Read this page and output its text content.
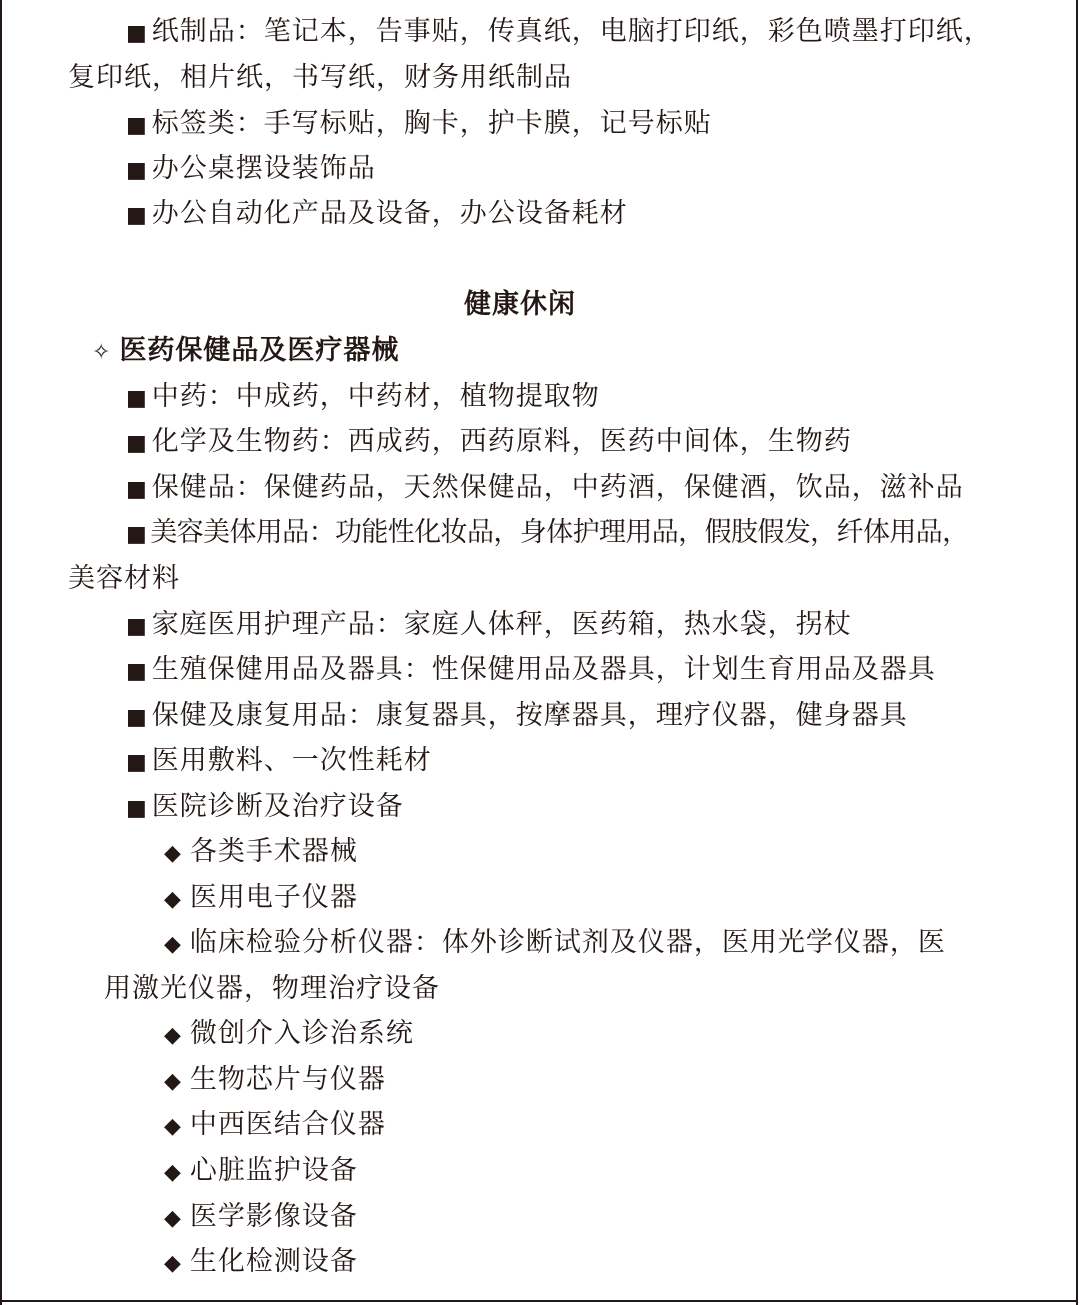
■ 纸制品：笔记本，告事贴，传真纸，电脑打印纸，彩色喷墨打印纸，
复印纸，相片纸，书写纸，财务用纸制品
■ 标签类：手写标贴，胸卡，护卡膜，记号标贴
■ 办公桌摆设装饰品
■ 办公自动化产品及设备，办公设备耗材
健康休闲
✧ 医药保健品及医疗器械
■ 中药：中成药，中药材，植物提取物
■ 化学及生物药：西成药，西药原料，医药中间体，生物药
■ 保健品：保健药品，天然保健品，中药酒，保健酒，饮品，滋补品
■ 美容美体用品：功能性化妆品，身体护理用品，假肢假发，纤体用品，
美容材料
■ 家庭医用护理产品：家庭人体秤，医药箱，热水袋，拐杖
■ 生殖保健用品及器具：性保健用品及器具，计划生育用品及器具
■ 保健及康复用品：康复器具，按摩器具，理疗仪器，健身器具
■ 医用敷料、一次性耗材
■ 医院诊断及治疗设备
◆ 各类手术器械
◆ 医用电子仪器
◆ 临床检验分析仪器：体外诊断试剂及仪器，医用光学仪器，医
用激光仪器，物理治疗设备
◆ 微创介入诊治系统
◆ 生物芯片与仪器
◆ 中西医结合仪器
◆ 心脏监护设备
◆ 医学影像设备
◆ 生化检测设备
